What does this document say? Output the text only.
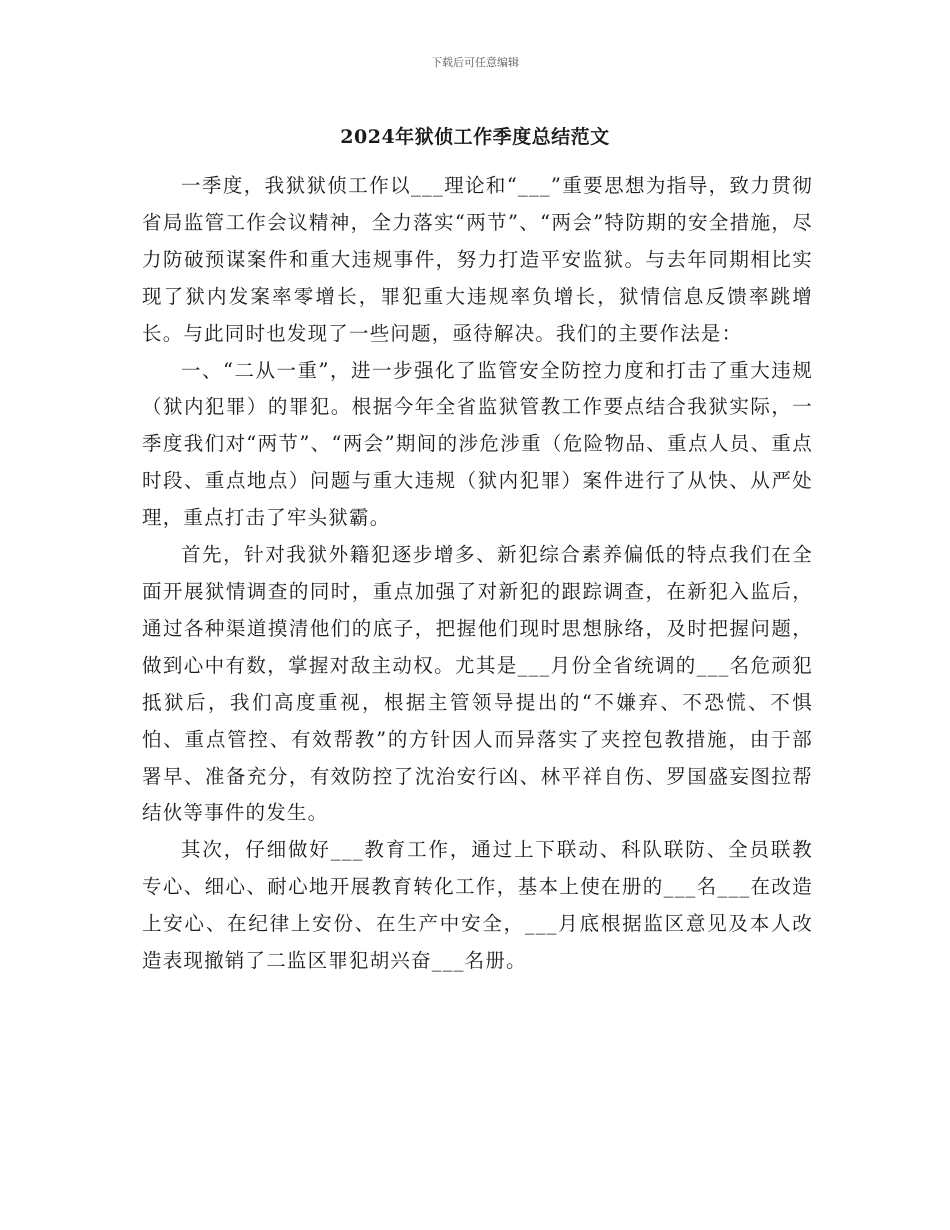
下载后可任意编辑
2024年狱侦工作季度总结范文

一季度，我狱狱侦工作以___理论和“___”重要思想为指导，致力贯彻省局监管工作会议精神，全力落实“两节”、“两会”特防期的安全措施，尽力防破预谋案件和重大违规事件，努力打造平安监狱。与去年同期相比实现了狱内发案率零增长，罪犯重大违规率负增长，狱情信息反馈率跳增长。与此同时也发现了一些问题，亟待解决。我们的主要作法是：

一、“二从一重”，进一步强化了监管安全防控力度和打击了重大违规（狱内犯罪）的罪犯。根据今年全省监狱管教工作要点结合我狱实际，一季度我们对“两节”、“两会”期间的涉危涉重（危险物品、重点人员、重点时段、重点地点）问题与重大违规（狱内犯罪）案件进行了从快、从严处理，重点打击了牢头狱霸。

首先，针对我狱外籍犯逐步增多、新犯综合素养偏低的特点我们在全面开展狱情调查的同时，重点加强了对新犯的跟踪调查，在新犯入监后，通过各种渠道摸清他们的底子，把握他们现时思想脉络，及时把握问题，做到心中有数，掌握对敌主动权。尤其是___月份全省统调的___名危顽犯抵狱后，我们高度重视，根据主管领导提出的“不嫌弃、不恐慌、不惧怕、重点管控、有效帮教”的方针因人而异落实了夹控包教措施，由于部署早、准备充分，有效防控了沈治安行凶、林平祥自伤、罗国盛妄图拉帮结伙等事件的发生。

其次，仔细做好___教育工作，通过上下联动、科队联防、全员联教专心、细心、耐心地开展教育转化工作，基本上使在册的___名___在改造上安心、在纪律上安份、在生产中安全，___月底根据监区意见及本人改造表现撤销了二监区罪犯胡兴奋___名册。
